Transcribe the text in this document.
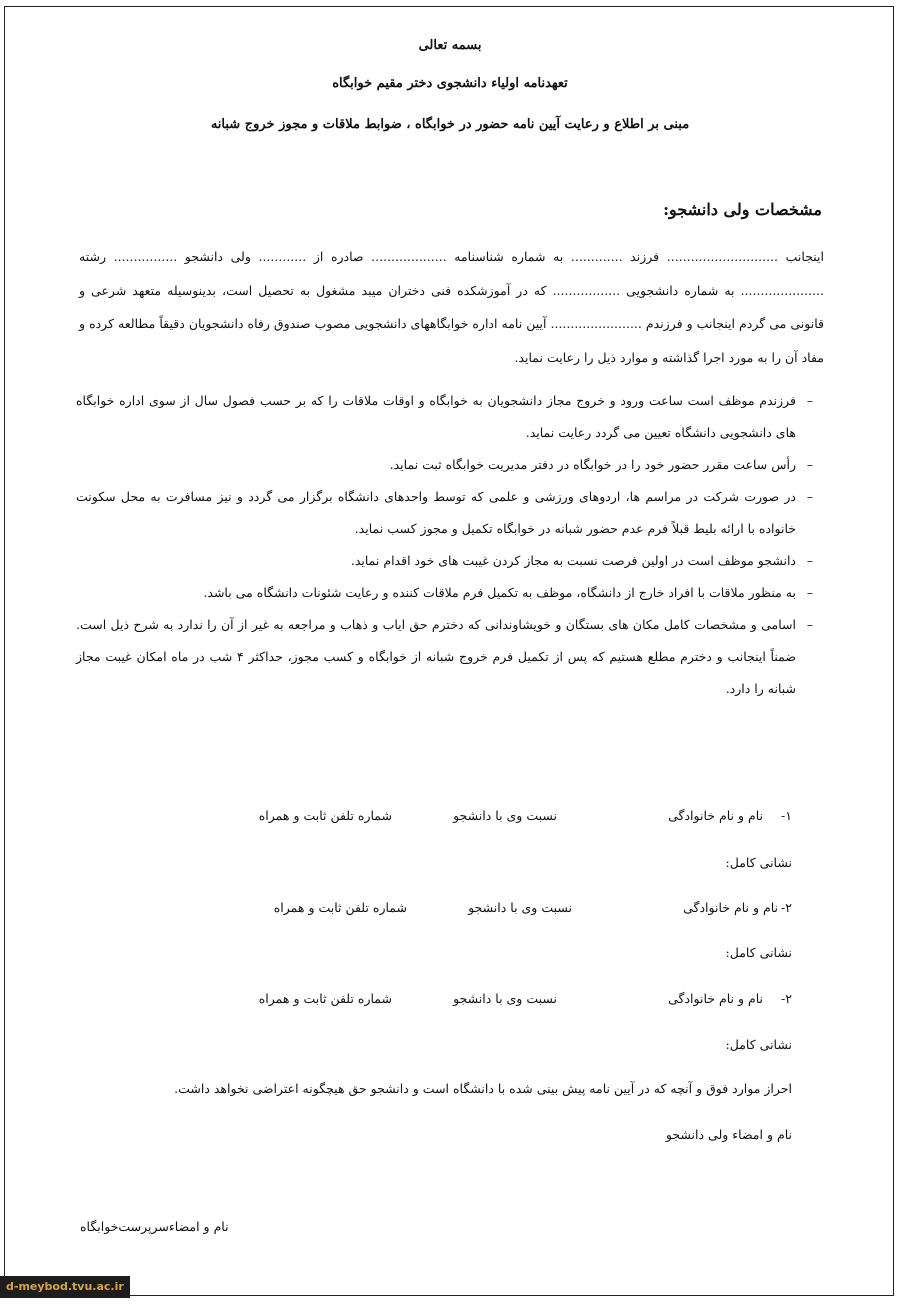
بسمه تعالی
تعهدنامه اولیاء دانشجوی دختر مقیم خوابگاه
مبنی بر اطلاع و رعایت آیین نامه حضور در خوابگاه ، ضوابط ملاقات و مجوز خروج شبانه
مشخصات ولی دانشجو:
اینجانب ............................ فرزند ............. به شماره شناسنامه ................... صادره از ............ ولی دانشجو ................ رشته ..................... به شماره دانشجویی ................. که در آموزشکده فنی دختران میبد مشغول به تحصیل است، بدینوسیله متعهد شرعی و قانونی می گردم اینجانب و فرزندم ....................... آیین نامه اداره خوابگاههای دانشجویی مصوب صندوق رفاه دانشجویان دقیقاً مطالعه کرده و مفاد آن را به مورد اجرا گذاشته و موارد ذیل را رعایت نماید.
–
فرزندم موظف است ساعت ورود و خروج مجاز دانشجویان به خوابگاه و اوقات ملاقات را که بر حسب فصول سال از سوی اداره خوابگاه های دانشجویی دانشگاه تعیین می گردد رعایت نماید.
–
رأس ساعت مقرر حضور خود را در خوابگاه در دفتر مدیریت خوابگاه ثبت نماید.
–
در صورت شرکت در مراسم ها، اردوهای ورزشی و علمی که توسط واحدهای دانشگاه برگزار می گردد و نیز مسافرت به محل سکونت خانواده با ارائه بلیط قبلاً فرم عدم حضور شبانه در خوابگاه تکمیل و مجوز کسب نماید.
–
دانشجو موظف است در اولین فرصت نسبت به مجاز کردن غیبت های خود اقدام نماید.
–
به منظور ملاقات با افراد خارج از دانشگاه، موظف به تکمیل فرم ملاقات کننده و رعایت شئونات دانشگاه می باشد.
–
اسامی و مشخصات کامل مکان های بستگان و خویشاوندانی که دخترم حق ایاب و ذهاب و مراجعه به غیر از آن را ندارد به شرح ذیل است. ضمناً اینجانب و دخترم مطلع هستیم که پس از تکمیل فرم خروج شبانه از خوابگاه و کسب مجوز، حداکثر ۴ شب در ماه امکان غیبت مجاز شبانه را دارد.
۱-
نام و نام خانوادگی
نسبت وی با دانشجو
شماره تلفن ثابت و همراه
نشانی کامل:
۲-
نام و نام خانوادگی
نسبت وی با دانشجو
شماره تلفن ثابت و همراه
نشانی کامل:
۲-
نام و نام خانوادگی
نسبت وی با دانشجو
شماره تلفن ثابت و همراه
نشانی کامل:
احراز موارد فوق و آنچه که در آیین نامه پیش بینی شده با دانشگاه است و دانشجو حق هیچگونه اعتراضی نخواهد داشت.
نام و امضاء ولی دانشجو
نام و امضاءسرپرست‌خوابگاه
d-meybod.tvu.ac.ir
